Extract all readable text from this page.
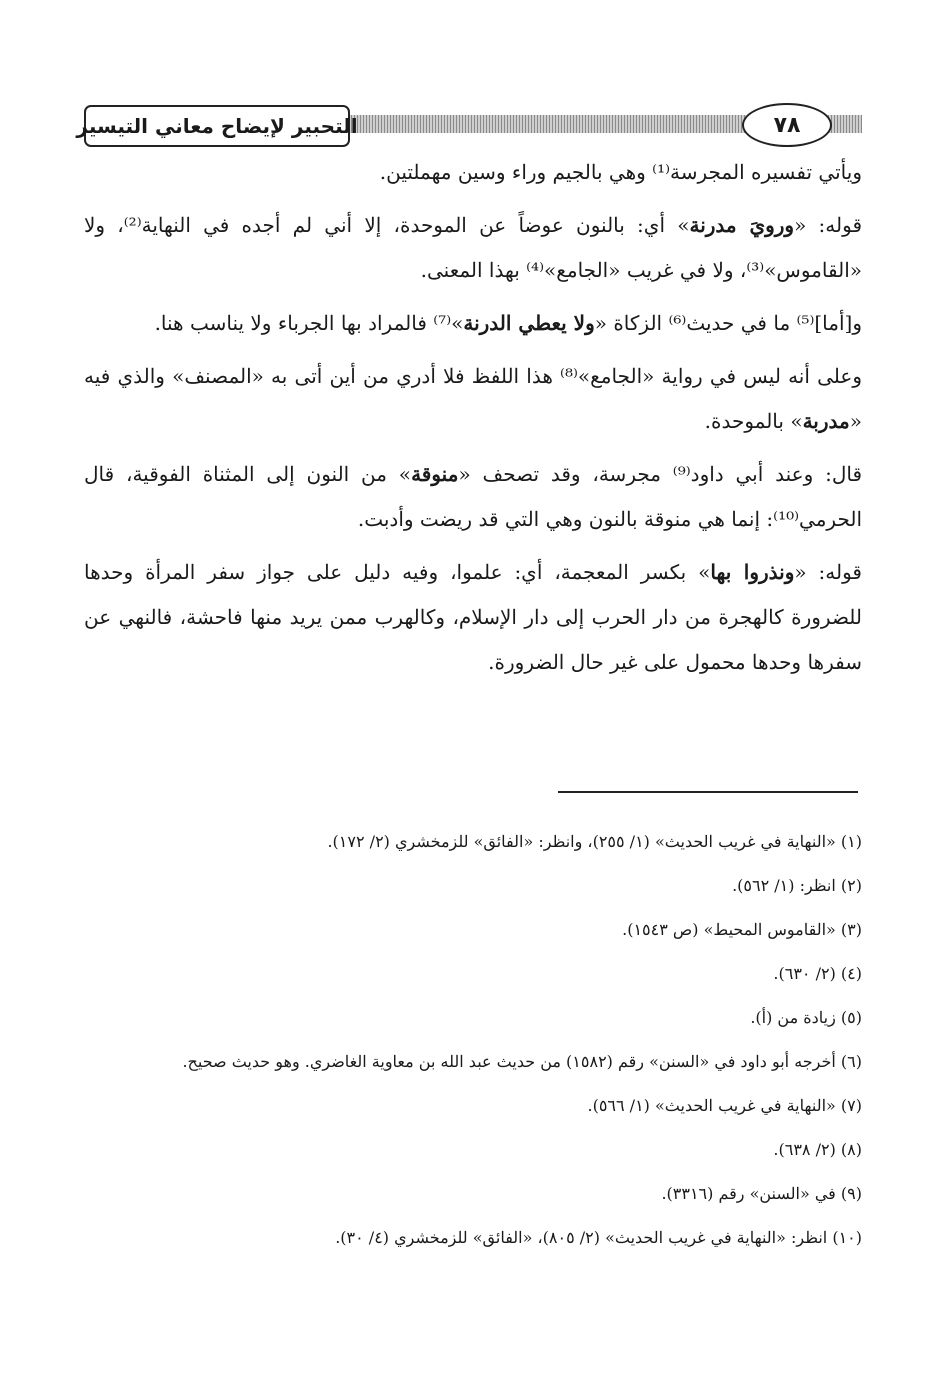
التحبير لإيضاح معاني التيسير	٧٨

ويأتي تفسيره المجرسة⁽¹⁾ وهي بالجيم وراء وسين مهملتين.

قوله: «ورويَ مدرنة» أي: بالنون عوضاً عن الموحدة، إلا أني لم أجده في النهاية⁽²⁾، ولا «القاموس»⁽³⁾، ولا في غريب «الجامع»⁽⁴⁾ بهذا المعنى.

و[أما]⁽⁵⁾ ما في حديث⁽⁶⁾ الزكاة «ولا يعطي الدرنة»⁽⁷⁾ فالمراد بها الجرباء ولا يناسب هنا.

وعلى أنه ليس في رواية «الجامع»⁽⁸⁾ هذا اللفظ فلا أدري من أين أتى به «المصنف» والذي فيه «مدربة» بالموحدة.

قال: وعند أبي داود⁽⁹⁾ مجرسة، وقد تصحف «منوقة» من النون إلى المثناة الفوقية، قال الحرمي⁽¹⁰⁾: إنما هي منوقة بالنون وهي التي قد ريضت وأدبت.

قوله: «ونذروا بها» بكسر المعجمة، أي: علموا، وفيه دليل على جواز سفر المرأة وحدها للضرورة كالهجرة من دار الحرب إلى دار الإسلام، وكالهرب ممن يريد منها فاحشة، فالنهي عن سفرها وحدها محمول على غير حال الضرورة.

(١) «النهاية في غريب الحديث» (١/ ٢٥٥)، وانظر: «الفائق» للزمخشري (٢/ ١٧٢).

(٢) انظر: (١/ ٥٦٢).

(٣) «القاموس المحيط» (ص ١٥٤٣).

(٤) (٢/ ٦٣٠).

(٥) زيادة من (أ).

(٦) أخرجه أبو داود في «السنن» رقم (١٥٨٢) من حديث عبد الله بن معاوية الغاضري. وهو حديث صحيح.

(٧) «النهاية في غريب الحديث» (١/ ٥٦٦).

(٨) (٢/ ٦٣٨).

(٩) في «السنن» رقم (٣٣١٦).

(١٠) انظر: «النهاية في غريب الحديث» (٢/ ٨٠٥)، «الفائق» للزمخشري (٤/ ٣٠).
